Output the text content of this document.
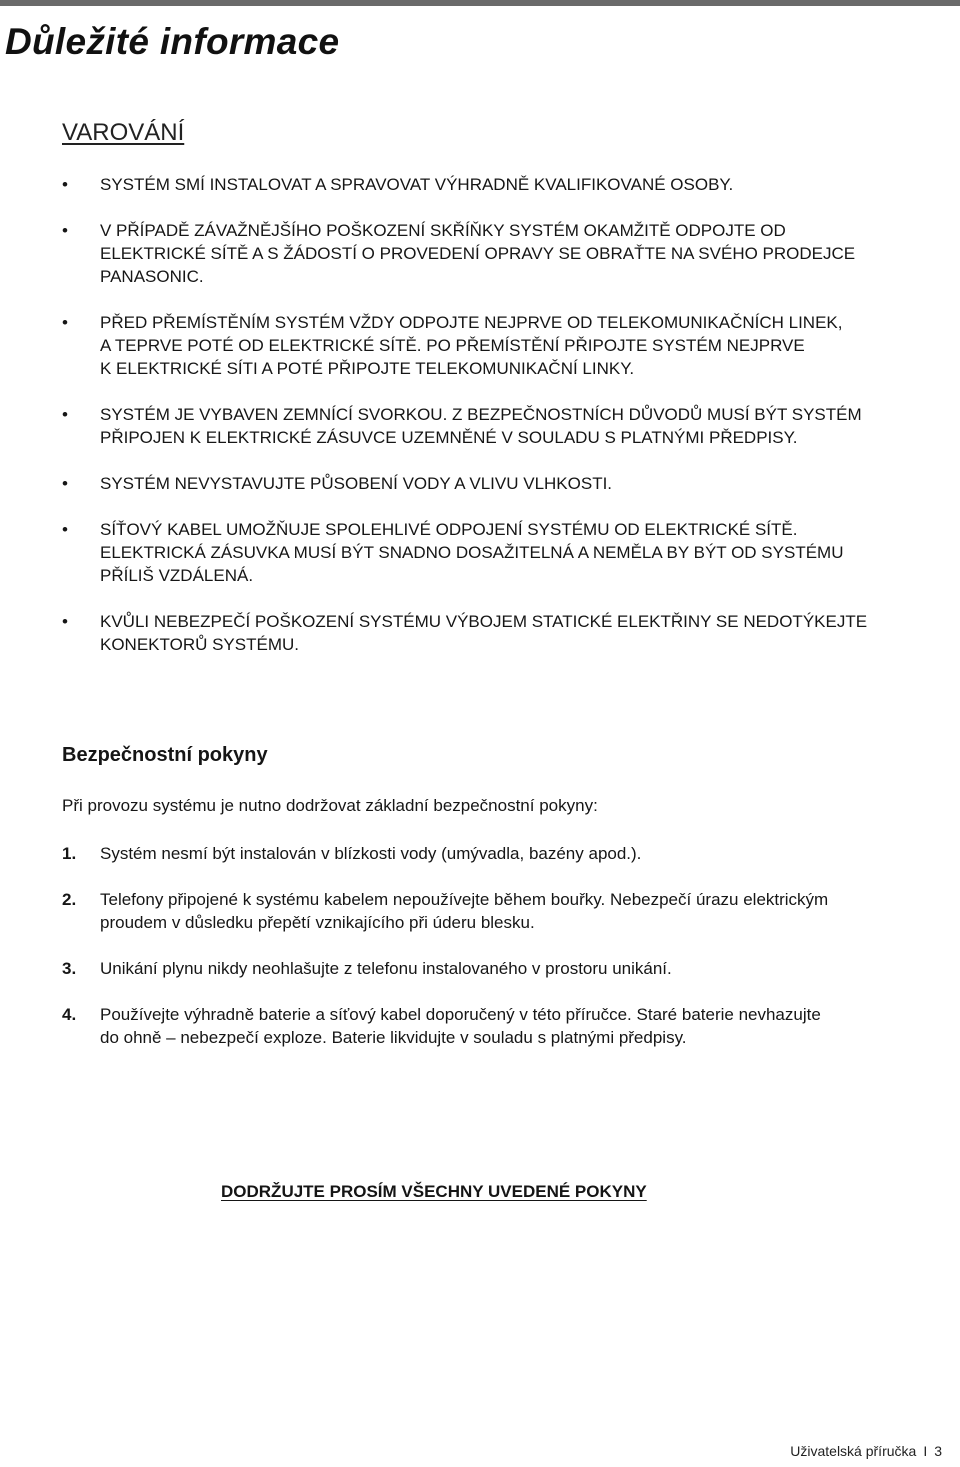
Důležité informace
VAROVÁNÍ
•	SYSTÉM SMÍ INSTALOVAT A SPRAVOVAT VÝHRADNĚ KVALIFIKOVANÉ OSOBY.
•	V PŘÍPADĚ ZÁVAŽNĚJŠÍHO POŠKOZENÍ SKŘÍŇKY SYSTÉM OKAMŽITĚ ODPOJTE OD
ELEKTRICKÉ SÍTĚ A S ŽÁDOSTÍ O PROVEDENÍ OPRAVY SE OBRAŤTE NA SVÉHO PRODEJCE
PANASONIC.
•	PŘED PŘEMÍSTĚNÍM SYSTÉM VŽDY ODPOJTE NEJPRVE OD TELEKOMUNIKAČNÍCH LINEK,
A TEPRVE POTÉ OD ELEKTRICKÉ SÍTĚ. PO PŘEMÍSTĚNÍ PŘIPOJTE SYSTÉM NEJPRVE
K ELEKTRICKÉ SÍTI A POTÉ PŘIPOJTE TELEKOMUNIKAČNÍ LINKY.
•	SYSTÉM JE VYBAVEN ZEMNÍCÍ SVORKOU. Z BEZPEČNOSTNÍCH DŮVODŮ MUSÍ BÝT SYSTÉM
PŘIPOJEN K ELEKTRICKÉ ZÁSUVCE UZEMNĚNÉ V SOULADU S PLATNÝMI PŘEDPISY.
•	SYSTÉM NEVYSTAVUJTE PŮSOBENÍ VODY A VLIVU VLHKOSTI.
•	SÍŤOVÝ KABEL UMOŽŇUJE SPOLEHLIVÉ ODPOJENÍ SYSTÉMU OD ELEKTRICKÉ SÍTĚ.
ELEKTRICKÁ ZÁSUVKA MUSÍ BÝT SNADNO DOSAŽITELNÁ A NEMĚLA BY BÝT OD SYSTÉMU
PŘÍLIŠ VZDÁLENÁ.
•	KVŮLI NEBEZPEČÍ POŠKOZENÍ SYSTÉMU VÝBOJEM STATICKÉ ELEKTŘINY SE NEDOTÝKEJTE
KONEKTORŮ SYSTÉMU.
Bezpečnostní pokyny

Při provozu systému je nutno dodržovat základní bezpečnostní pokyny:

1. Systém nesmí být instalován v blízkosti vody (umývadla, bazény apod.).
2. Telefony připojené k systému kabelem nepoužívejte během bouřky. Nebezpečí úrazu elektrickým
proudem v důsledku přepětí vznikajícího při úderu blesku.
3. Unikání plynu nikdy neohlašujte z telefonu instalovaného v prostoru unikání.
4. Používejte výhradně baterie a síťový kabel doporučený v této příručce. Staré baterie nevhazujte
do ohně – nebezpečí exploze. Baterie likvidujte v souladu s platnými předpisy.

DODRŽUJTE PROSÍM VŠECHNY UVEDENÉ POKYNY

Uživatelská příručka I 3
